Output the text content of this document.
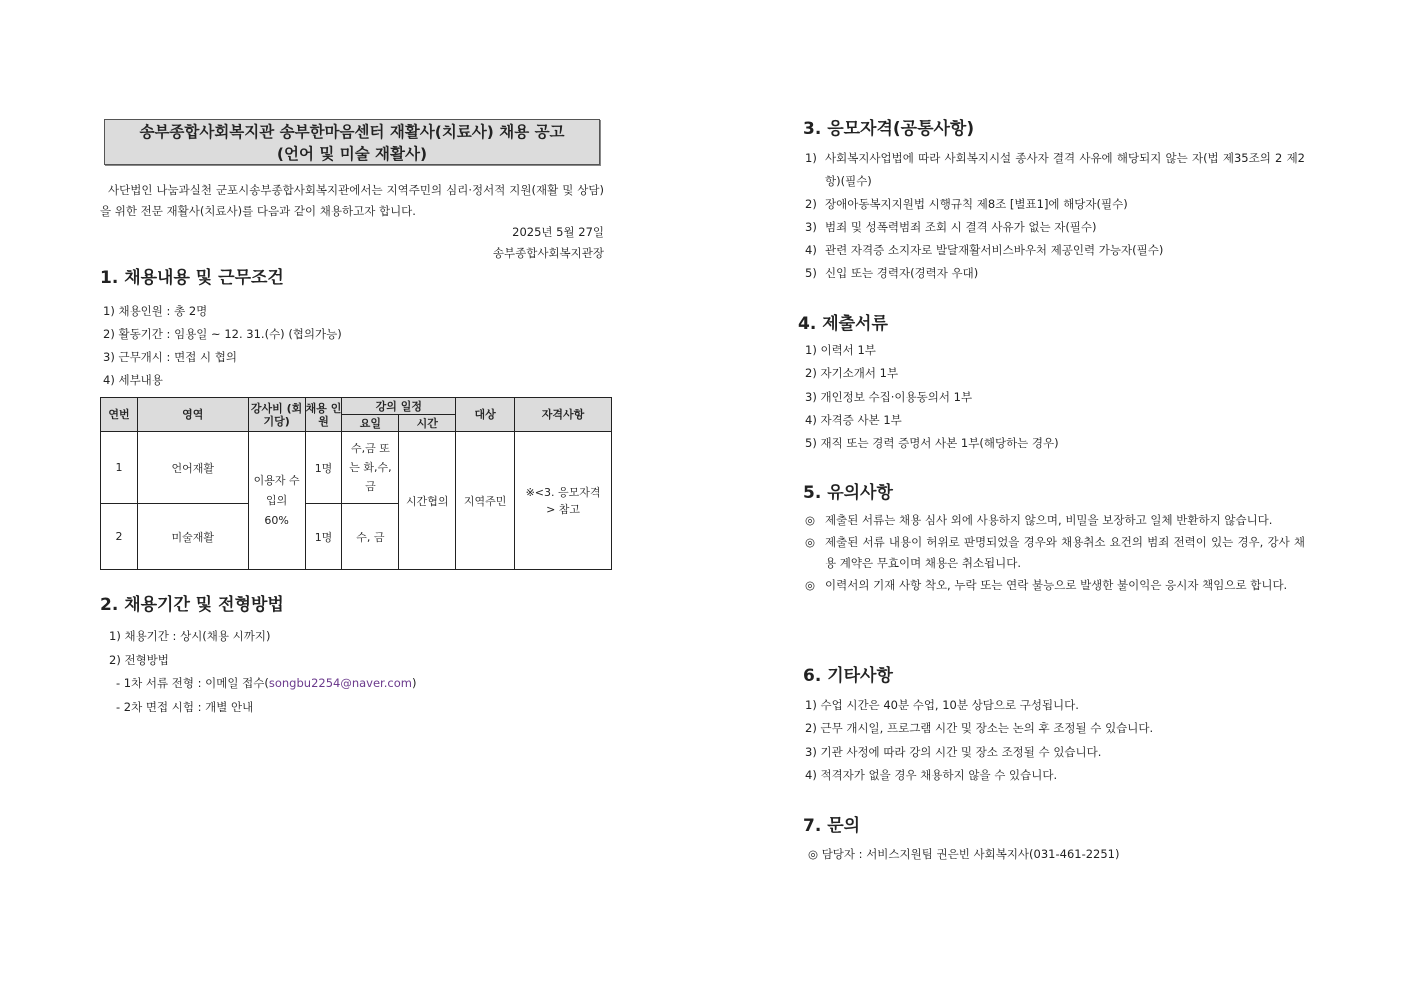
송부종합사회복지관 송부한마음센터 재활사(치료사) 채용 공고
(언어 및 미술 재활사)

사단법인 나눔과실천 군포시송부종합사회복지관에서는 지역주민의 심리·정서적 지원(재활 및 상담)을 위한 전문 재활사(치료사)를 다음과 같이 채용하고자 합니다.

2025년 5월 27일

송부종합사회복지관장

1. 채용내용 및 근무조건
1) 채용인원 : 총 2명
2) 활동기간 : 임용일 ~ 12. 31.(수) (협의가능)
3) 근무개시 : 면접 시 협의
4) 세부내용
연번	영역	강사비 (회기당)	채용 인원	강의 일정		대상	자격사항
				요일	시간		
1	언어재활	이용자 수입의 60%	1명	수,금 또는 화,수,금	시간협의	지역주민	※<3. 응모자격> 참고
2	미술재활		1명	수, 금			
2. 채용기간 및 전형방법
1) 채용기간 : 상시(채용 시까지)
2) 전형방법
- 1차 서류 전형 : 이메일 접수(songbu2254@naver.com)
- 2차 면접 시험 : 개별 안내
3. 응모자격(공통사항)
1) 사회복지사업법에 따라 사회복지시설 종사자 결격 사유에 해당되지 않는 자(법 제35조의 2 제2항)(필수)
2) 장애아동복지지원법 시행규칙 제8조 [별표1]에 해당자(필수)
3) 범죄 및 성폭력범죄 조회 시 결격 사유가 없는 자(필수)
4) 관련 자격증 소지자로 발달재활서비스바우처 제공인력 가능자(필수)
5) 신입 또는 경력자(경력자 우대)
4. 제출서류
1) 이력서 1부
2) 자기소개서 1부
3) 개인정보 수집·이용동의서 1부
4) 자격증 사본 1부
5) 재직 또는 경력 증명서 사본 1부(해당하는 경우)
5. 유의사항
◎ 제출된 서류는 채용 심사 외에 사용하지 않으며, 비밀을 보장하고 일체 반환하지 않습니다.
◎ 제출된 서류 내용이 허위로 판명되었을 경우와 채용취소 요건의 범죄 전력이 있는 경우, 강사 채용 계약은 무효이며 채용은 취소됩니다.
◎ 이력서의 기재 사항 착오, 누락 또는 연락 불능으로 발생한 불이익은 응시자 책임으로 합니다.
6. 기타사항
1) 수업 시간은 40분 수업, 10분 상담으로 구성됩니다.
2) 근무 개시일, 프로그램 시간 및 장소는 논의 후 조정될 수 있습니다.
3) 기관 사정에 따라 강의 시간 및 장소 조정될 수 있습니다.
4) 적격자가 없을 경우 채용하지 않을 수 있습니다.
7. 문의
◎ 담당자 : 서비스지원팀 권은빈 사회복지사(031-461-2251)
